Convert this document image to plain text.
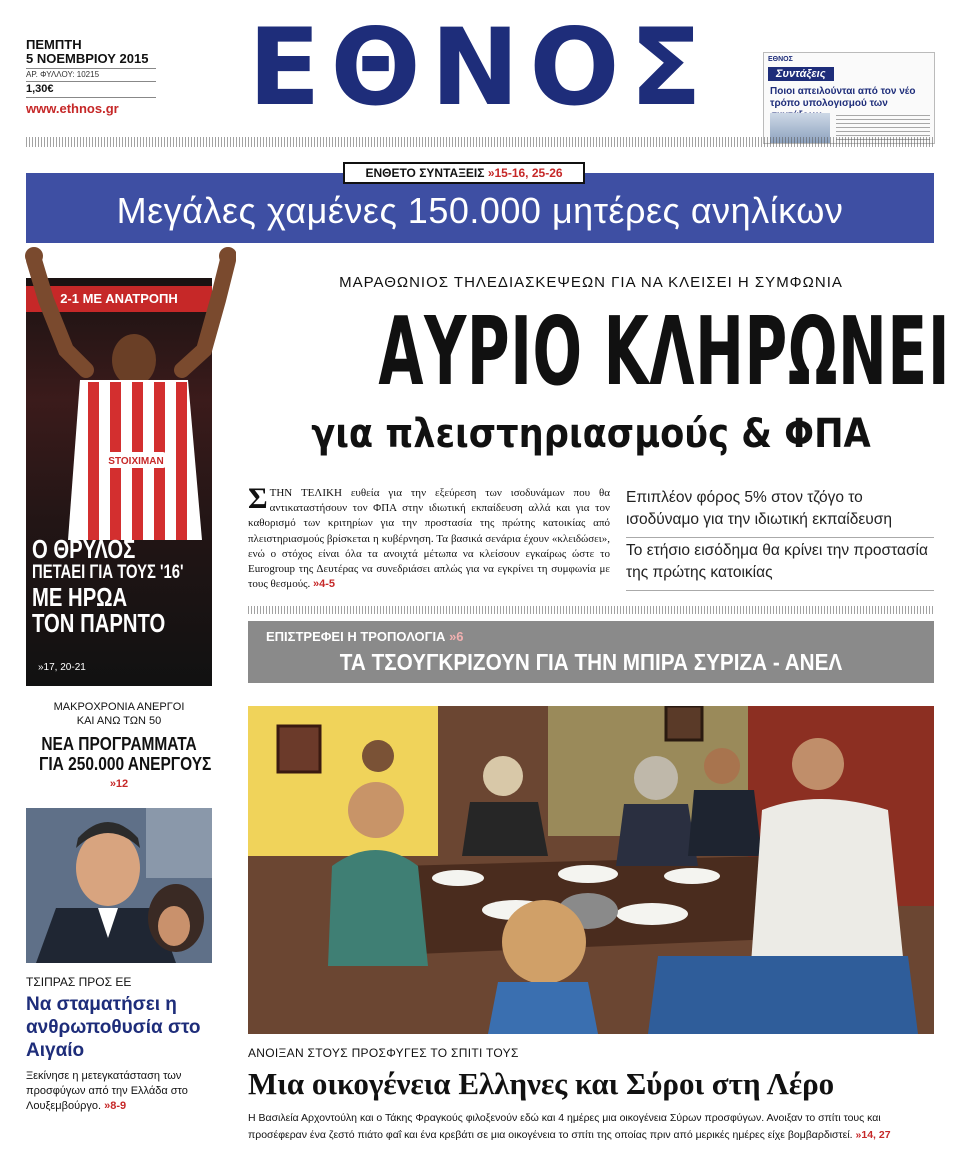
ΠΕΜΠΤΗ
5 ΝΟΕΜΒΡΙΟΥ 2015
ΑΡ. ΦΥΛΛΟΥ: 10215
1,30€
www.ethnos.gr	ΕΘΝΟΣ	ΕΘΝΟΣ
Συντάξεις
Ποιοι απειλούνται από τον νέο τρόπο υπολογισμού των
ΕΝΘΕΤΟ ΣΥΝΤΑΞΕΙΣ »15-16, 25-26
Μεγάλες χαμένες 150.000 μητέρες ανηλίκων
2-1 ΜΕ ΑΝΑΤΡΟΠΗ
STOIXIMAN
Ο ΘΡΥΛΟΣ
ΠΕΤΑΕΙ ΓΙΑ ΤΟΥΣ '16'
ΜΕ ΗΡΩΑ
ΤΟΝ ΠΑΡΝΤΟ
»17, 20-21
ΜΑΚΡΟΧΡΟΝΙΑ ΑΝΕΡΓΟΙ
ΚΑΙ ΑΝΩ ΤΩΝ 50
ΝΕΑ ΠΡΟΓΡΑΜΜΑΤΑ
ΓΙΑ 250.000 ΑΝΕΡΓΟΥΣ
»12
ΤΣΙΠΡΑΣ ΠΡΟΣ ΕΕ
Να σταματήσει η ανθρωποθυσία στο Αιγαίο
Ξεκίνησε η μετεγκατάσταση των προσφύγων από την Ελλάδα στο Λουξεμβούργο. »8-9
ΜΑΡΑΘΩΝΙΟΣ ΤΗΛΕΔΙΑΣΚΕΨΕΩΝ ΓΙΑ ΝΑ ΚΛΕΙΣΕΙ Η ΣΥΜΦΩΝΙΑ
ΑΥΡΙΟ ΚΛΗΡΩΝΕΙ
για πλειστηριασμούς & ΦΠΑ
Σ ΤΗΝ ΤΕΛΙΚΗ ευθεία για την εξεύρεση των ισοδυνάμων που θα αντικαταστήσουν τον ΦΠΑ στην ιδιωτική εκπαίδευση αλλά και για τον καθορισμό των κριτηρίων για την προστασία της πρώτης κατοικίας από πλειστηριασμούς βρίσκεται η κυβέρνηση. Τα βασικά σενάρια έχουν «κλειδώσει», ενώ ο στόχος είναι όλα τα ανοιχτά μέτωπα να κλείσουν εγκαίρως ώστε το Eurogroup της Δευτέρας να συνεδριάσει απλώς για να εγκρίνει τη συμφωνία με τους θεσμούς. »4-5
Επιπλέον φόρος 5% στον τζόγο το ισοδύναμο για την ιδιωτική εκπαίδευση
Το ετήσιο εισόδημα θα κρίνει την προστασία της πρώτης κατοικίας
ΕΠΙΣΤΡΕΦΕΙ Η ΤΡΟΠΟΛΟΓΙΑ »6
ΤΑ ΤΣΟΥΓΚΡΙΖΟΥΝ ΓΙΑ ΤΗΝ ΜΠΙΡΑ ΣΥΡΙΖΑ - ΑΝΕΛ
ΑΝΟΙΞΑΝ ΣΤΟΥΣ ΠΡΟΣΦΥΓΕΣ ΤΟ ΣΠΙΤΙ ΤΟΥΣ
Μια οικογένεια Ελληνες και Σύροι στη Λέρο
Η Βασιλεία Αρχοντούλη και ο Τάκης Φραγκούς φιλοξενούν εδώ και 4 ημέρες μια οικογένεια Σύρων προσφύγων. Ανοιξαν το σπίτι τους και προσέφεραν ένα ζεστό πιάτο φαΐ και ένα κρεβάτι σε μια οικογένεια το σπίτι της οποίας πριν από μερικές ημέρες είχε βομβαρδιστεί. »14, 27
